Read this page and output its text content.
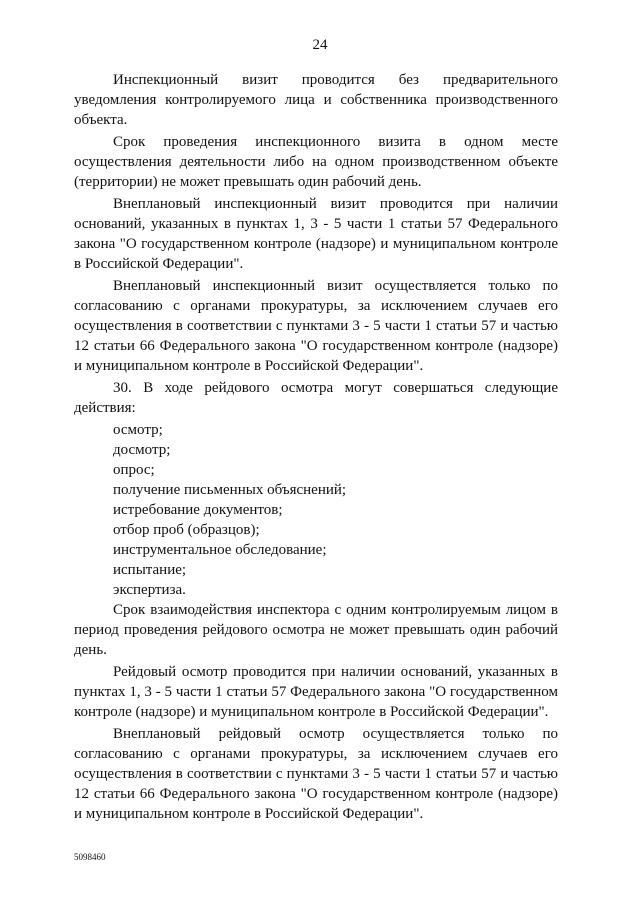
24

Инспекционный визит проводится без предварительного уведомления контролируемого лица и собственника производственного объекта.

Срок проведения инспекционного визита в одном месте осуществления деятельности либо на одном производственном объекте (территории) не может превышать один рабочий день.

Внеплановый инспекционный визит проводится при наличии оснований, указанных в пунктах 1, 3 - 5 части 1 статьи 57 Федерального закона "О государственном контроле (надзоре) и муниципальном контроле в Российской Федерации".

Внеплановый инспекционный визит осуществляется только по согласованию с органами прокуратуры, за исключением случаев его осуществления в соответствии с пунктами 3 - 5 части 1 статьи 57 и частью 12 статьи 66 Федерального закона "О государственном контроле (надзоре) и муниципальном контроле в Российской Федерации".

30. В ходе рейдового осмотра могут совершаться следующие действия:

осмотр;
досмотр;
опрос;
получение письменных объяснений;
истребование документов;
отбор проб (образцов);
инструментальное обследование;
испытание;
экспертиза.

Срок взаимодействия инспектора с одним контролируемым лицом в период проведения рейдового осмотра не может превышать один рабочий день.

Рейдовый осмотр проводится при наличии оснований, указанных в пунктах 1, 3 - 5 части 1 статьи 57 Федерального закона "О государственном контроле (надзоре) и муниципальном контроле в Российской Федерации".

Внеплановый рейдовый осмотр осуществляется только по согласованию с органами прокуратуры, за исключением случаев его осуществления в соответствии с пунктами 3 - 5 части 1 статьи 57 и частью 12 статьи 66 Федерального закона "О государственном контроле (надзоре) и муниципальном контроле в Российской Федерации".

5098460
